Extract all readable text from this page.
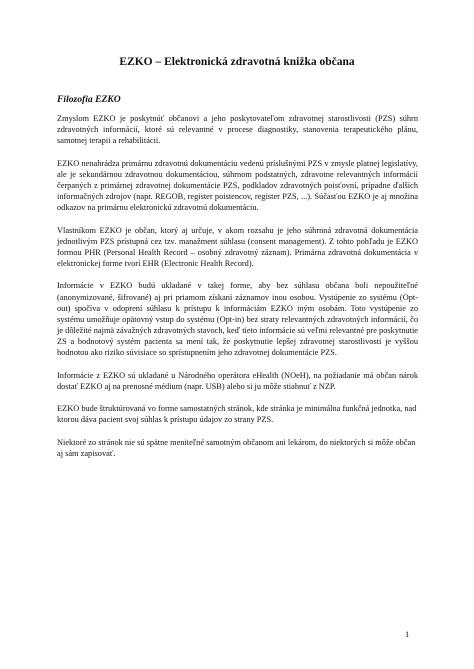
EZKO – Elektronická zdravotná knižka občana
Filozofia EZKO

Zmyslom EZKO je poskytnúť občanovi a jeho poskytovateľom zdravotnej starostlivosti (PZS) súhrn zdravotných informácií, ktoré sú relevantné v procese diagnostiky, stanovenia terapeutického plánu, samotnej terapii a rehabilitácii.

EZKO nenahrádza primárnu zdravotnú dokumentáciu vedenú príslušnými PZS v zmysle platnej legislatívy, ale je sekundárnou zdravotnou dokumentáciou, súhrnom podstatných, zdravotne relevantných informácií čerpaných z primárnej zdravotnej dokumentácie PZS, podkladov zdravotných poisťovní, prípadne ďalších informačných zdrojov (napr. REGOB, register poistencov, register PZS, ...). Súčasťou EZKO je aj množina odkazov na primárnu elektronickú zdravotnú dokumentáciu.

Vlastníkom EZKO je občan, ktorý aj určuje, v akom rozsahu je jeho súhrnná zdravotná dokumentácia jednotlivým PZS prístupná cez tzv. manažment súhlasu (consent management). Z tohto pohľadu je EZKO formou PHR (Personal Health Record – osobný zdravotný záznam). Primárna zdravotná dokumentácia v elektronickej forme tvorí EHR (Electronic Health Record).

Informácie v EZKO budú ukladané v takej forme, aby bez súhlasu občana boli nepoužiteľné (anonymizované, šifrované) aj pri priamom získaní záznamov inou osobou. Vystúpenie zo systému (Opt-out) spočíva v odoprení súhlasu k prístupu k informáciám EZKO iným osobám. Toto vystúpenie zo systému umožňuje opätovný vstup do systému (Opt-in) bez straty relevantných zdravotných informácií, čo je dôležité najmä závažných zdravotných stavoch, keď tieto informácie sú veľmi relevantné pre poskytnutie ZS a bodnotový systém pacienta sa mení tak, že poskytnutie lepšej zdravotnej starostlivosti je vyššou hodnotou ako riziko súvisiace so sprístupnením jeho zdravotnej dokumentácie PZS.

Informácie z EZKO sú ukladané u Národného operátora eHealth (NOeH), na požiadanie má občan nárok dostať EZKO aj na prenosné médium (napr. USB) alebo si ju môže stiahnuť z NZP.

EZKO bude štruktúrovaná vo forme samostatných stránok, kde stránka je minimálna funkčná jednotka, nad ktorou dáva pacient svoj súhlas k prístupu údajov zo strany PZS.

Niektoré zo stránok nie sú spätne meniteľné samotným občanom ani lekárom, do niektorých si môže občan aj sám zapisovať.

1
